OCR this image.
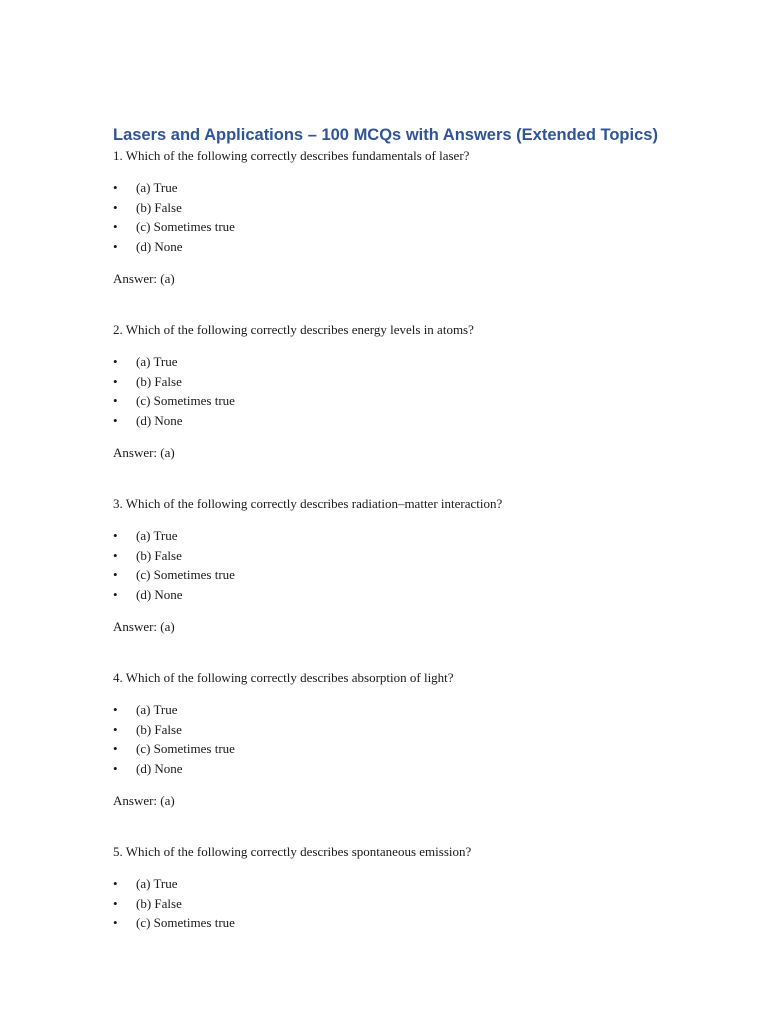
Lasers and Applications – 100 MCQs with Answers (Extended Topics)

1. Which of the following correctly describes fundamentals of laser?

• (a) True
• (b) False
• (c) Sometimes true
• (d) None

Answer: (a)

2. Which of the following correctly describes energy levels in atoms?

• (a) True
• (b) False
• (c) Sometimes true
• (d) None

Answer: (a)

3. Which of the following correctly describes radiation–matter interaction?

• (a) True
• (b) False
• (c) Sometimes true
• (d) None

Answer: (a)

4. Which of the following correctly describes absorption of light?

• (a) True
• (b) False
• (c) Sometimes true
• (d) None

Answer: (a)

5. Which of the following correctly describes spontaneous emission?

• (a) True
• (b) False
• (c) Sometimes true
